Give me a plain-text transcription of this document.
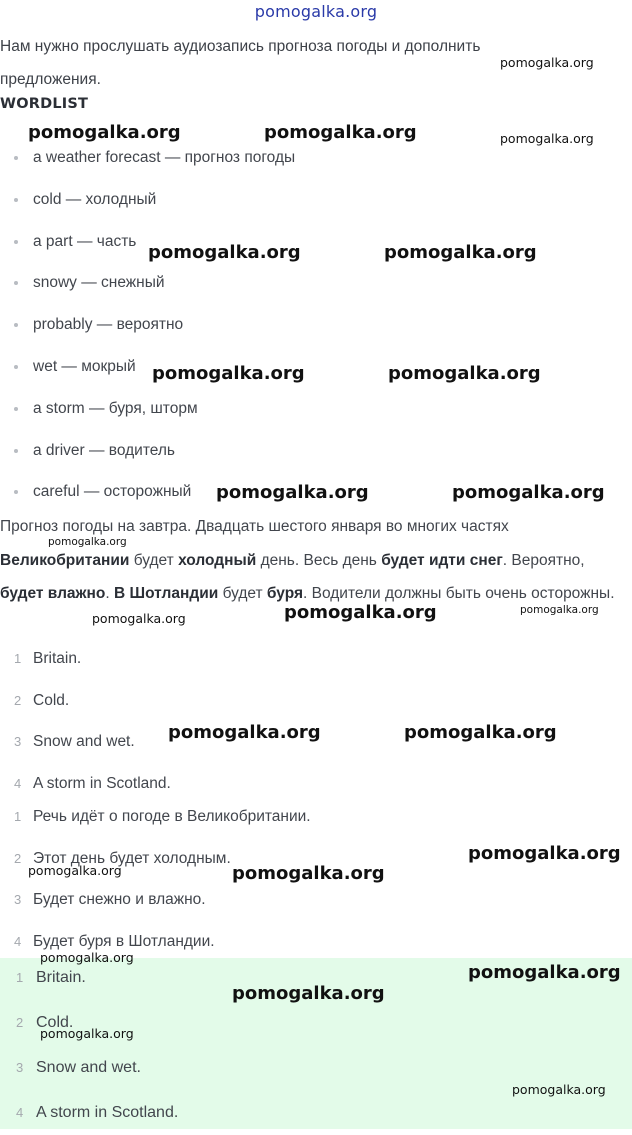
pomogalka.org
Нам нужно прослушать аудиозапись прогноза погоды и дополнить предложения.
WORDLIST
a weather forecast — прогноз погоды
cold — холодный
a part — часть
snowy — снежный
probably — вероятно
wet — мокрый
a storm — буря, шторм
a driver — водитель
careful — осторожный
Прогноз погоды на завтра. Двадцать шестого января во многих частях Великобритании будет холодный день. Весь день будет идти снег. Вероятно, будет влажно. В Шотландии будет буря. Водители должны быть очень осторожны.
1 Britain.
2 Cold.
3 Snow and wet.
4 A storm in Scotland.
1 Речь идёт о погоде в Великобритании.
2 Этот день будет холодным.
3 Будет снежно и влажно.
4 Будет буря в Шотландии.
1 Britain.
2 Cold.
3 Snow and wet.
4 A storm in Scotland.
pomogalka.org
pomogalka.org	pomogalka.org	pomogalka.org
pomogalka.org	pomogalka.org
pomogalka.org	pomogalka.org
pomogalka.org	pomogalka.org
pomogalka.org	pomogalka.org	pomogalka.org
pomogalka.org
pomogalka.org	pomogalka.org
pomogalka.org
pomogalka.org	pomogalka.org
pomogalka.org
pomogalka.org
pomogalka.org
pomogalka.org
pomogalka.org
